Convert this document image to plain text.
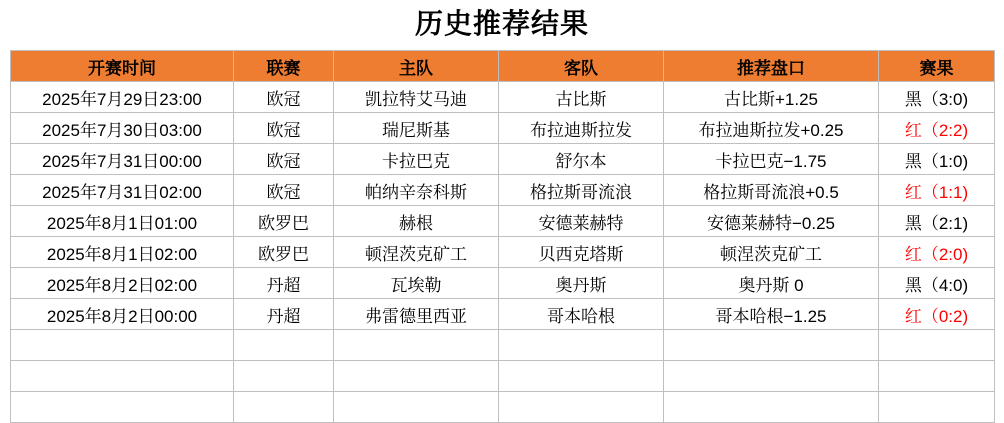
历史推荐结果
开赛时间	联赛	主队	客队	推荐盘口	赛果
2025年7月29日23:00	欧冠	凯拉特艾马迪	古比斯	古比斯+1.25	黑（3:0)
2025年7月30日03:00	欧冠	瑞尼斯基	布拉迪斯拉发	布拉迪斯拉发+0.25	红（2:2)
2025年7月31日00:00	欧冠	卡拉巴克	舒尔本	卡拉巴克−1.75	黑（1:0)
2025年7月31日02:00	欧冠	帕纳辛奈科斯	格拉斯哥流浪	格拉斯哥流浪+0.5	红（1:1)
2025年8月1日01:00	欧罗巴	赫根	安德莱赫特	安德莱赫特−0.25	黑（2:1)
2025年8月1日02:00	欧罗巴	顿涅茨克矿工	贝西克塔斯	顿涅茨克矿工	红（2:0)
2025年8月2日02:00	丹超	瓦埃勒	奥丹斯	奥丹斯 0	黑（4:0)
2025年8月2日00:00	丹超	弗雷德里西亚	哥本哈根	哥本哈根−1.25	红（0:2)
